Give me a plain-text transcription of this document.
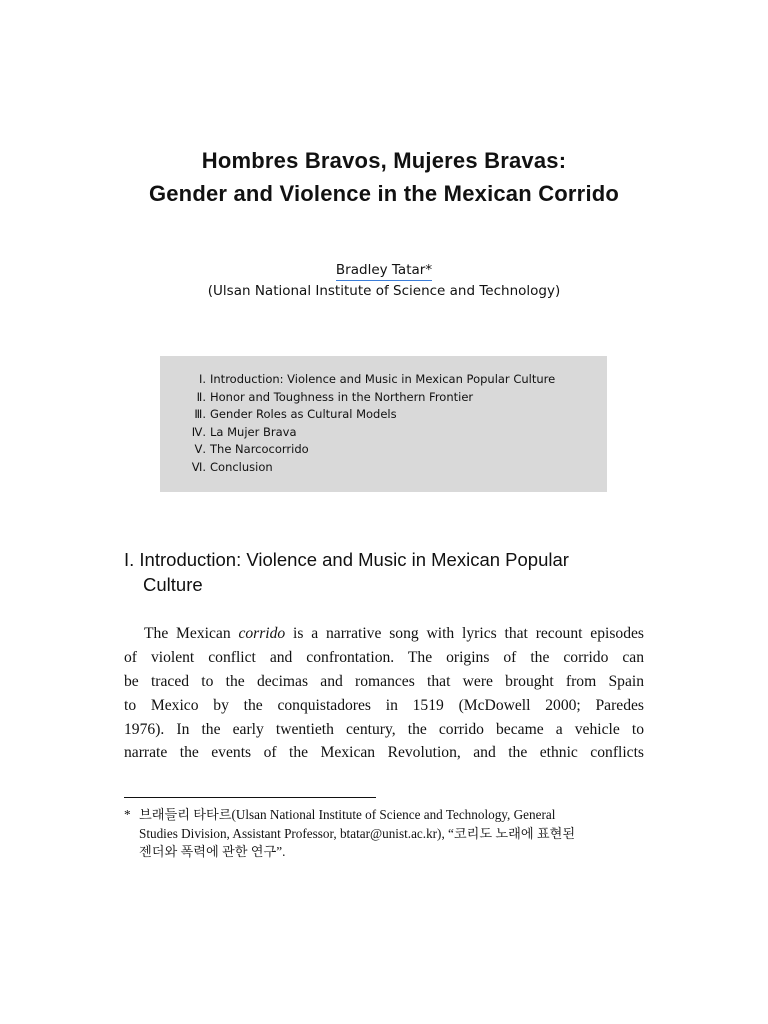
Hombres Bravos, Mujeres Bravas:
Gender and Violence in the Mexican Corrido
Bradley Tatar*
(Ulsan National Institute of Science and Technology)
Ⅰ. Introduction: Violence and Music in Mexican Popular Culture
Ⅱ. Honor and Toughness in the Northern Frontier
Ⅲ. Gender Roles as Cultural Models
Ⅳ. La Mujer Brava
Ⅴ. The Narcocorrido
Ⅵ. Conclusion
I. Introduction: Violence and Music in Mexican Popular
Culture
The Mexican corrido is a narrative song with lyrics that recount episodes
of violent conflict and confrontation. The origins of the corrido can
be traced to the decimas and romances that were brought from Spain
to Mexico by the conquistadores in 1519 (McDowell 2000; Paredes
1976). In the early twentieth century, the corrido became a vehicle to
narrate the events of the Mexican Revolution, and the ethnic conflicts
* 브래들리 타타르(Ulsan National Institute of Science and Technology, General
Studies Division, Assistant Professor, btatar@unist.ac.kr), “코리도 노래에 표현된
젠더와 폭력에 관한 연구”.
